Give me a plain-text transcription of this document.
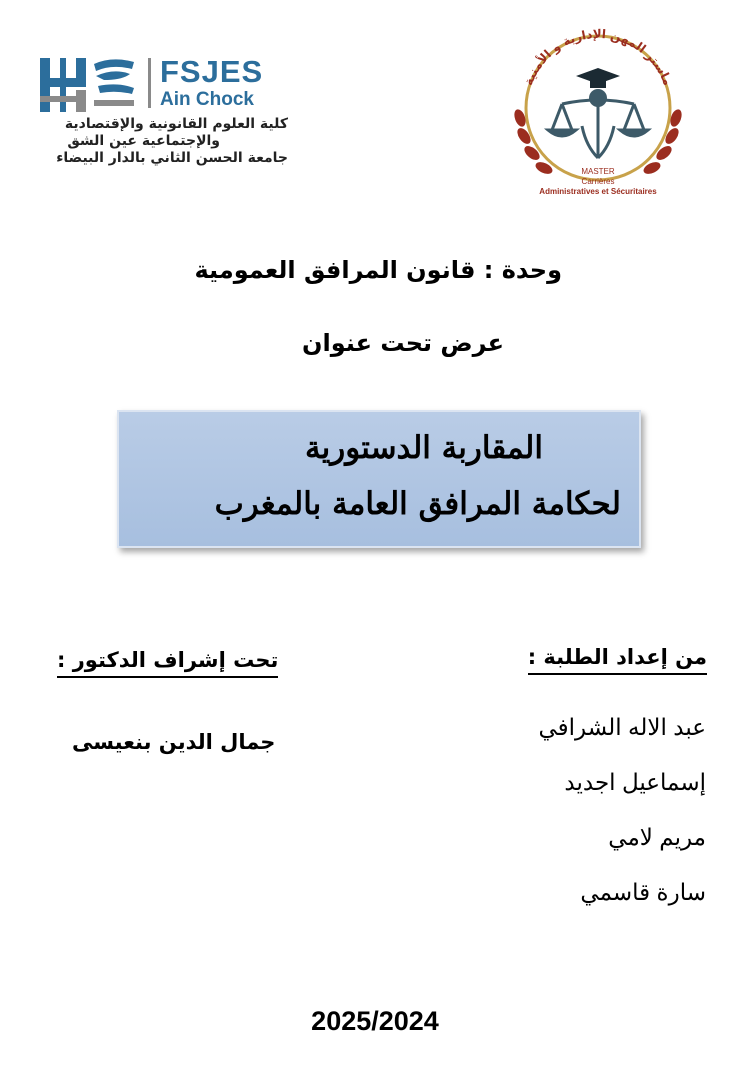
FSJES
Ain Chock
كلية العلوم القانونية والإقتصادية
والإجتماعية عين الشق
جامعة الحسن الثاني بالدار البيضاء
ماستر المهن الإدارية و الأمنية
MASTER
Carrières
Administratives et Sécuritaires
وحدة : قانون المرافق العمومية
عرض تحت عنوان
المقاربة الدستورية
لحكامة المرافق العامة بالمغرب
من إعداد الطلبة :
عبد الاله الشرافي
إسماعيل اجديد
مريم لامي
سارة قاسمي
تحت إشراف الدكتور :
جمال الدين بنعيسى
2025/2024
